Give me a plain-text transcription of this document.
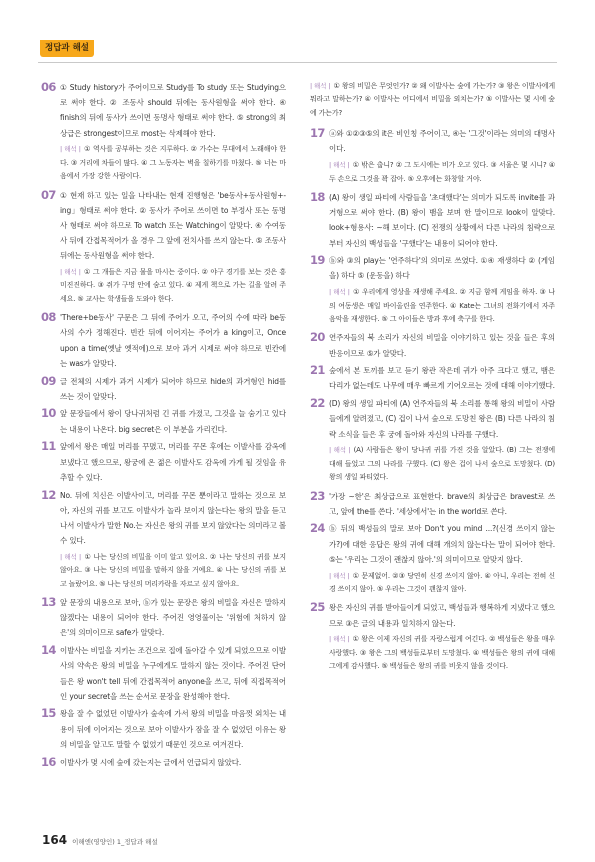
정답과 해설
06 ① Study history가 주어이므로 Study를 To study 또는 Studying으로 써야 한다. ② 조동사 should 뒤에는 동사원형을 써야 한다. ④ finish의 뒤에 동사가 쓰이면 동명사 형태로 써야 한다. ⑤ strong의 최상급은 strongest이므로 most는 삭제해야 한다.
| 해석 | ① 역사를 공부하는 것은 지루하다. ② 가수는 무대에서 노래해야 한다. ③ 거리에 차들이 많다. ④ 그 노동자는 벽을 칠하기를 마쳤다. ⑤ 너는 마음에서 가장 강한 사람이다.
07 ① 현재 하고 있는 일을 나타내는 현재 진행형은 'be동사+동사원형+-ing」형태로 써야 한다. ② 동사가 주어로 쓰이면 to 부정사 또는 동명사 형태로 써야 하므로 To watch 또는 Watching이 알맞다. ④ 수여동사 뒤에 간접목적어가 올 경우 그 앞에 전치사를 쓰지 않는다. ⑤ 조동사 뒤에는 동사원형을 써야 한다.
| 해석 | ① 그 개들은 지금 물을 마시는 중이다. ② 야구 경기를 보는 것은 흥미진진하다. ③ 쥐가 구멍 안에 숨고 있다. ④ 제게 책으로 가는 길을 알려 주세요. ⑤ 교사는 학생들을 도와야 한다.
08 'There+be동사' 구문은 그 뒤에 주어가 오고, 주어의 수에 따라 be동사의 수가 정해진다. 빈칸 뒤에 이어지는 주어가 a king이고, Once upon a time(옛날 옛적에)으로 보아 과거 시제로 써야 하므로 빈칸에는 was가 알맞다.
09 글 전체의 시제가 과거 시제가 되어야 하므로 hide의 과거형인 hid를 쓰는 것이 알맞다.
10 앞 문장들에서 왕이 당나귀처럼 긴 귀를 가졌고, 그것을 늘 숨기고 있다는 내용이 나온다. big secret은 이 부분을 가리킨다.
11 앞에서 왕은 매일 머리를 꾸몄고, 머리를 꾸몬 후에는 이발사를 감옥에 보냈다고 했으므로, 왕궁에 온 젊은 이발사도 감옥에 가게 될 것임을 유추할 수 있다.
12 No. 뒤에 치신은 이발사이고, 머리를 꾸몬 뿐이라고 말하는 것으로 보아, 자신의 귀를 보고도 이발사가 놀라 보이지 않는다는 왕의 말을 듣고 나서 이발사가 말한 No.는 자신은 왕의 귀를 보지 않았다는 의미라고 볼 수 있다.
| 해석 | ① 나는 당신의 비밀을 이미 알고 있어요. ② 나는 당신의 귀를 보지 않아요. ③ 나는 당신의 비밀을 말하지 않을 거예요. ④ 나는 당신의 귀를 보고 놀랐어요. ⑤ 나는 당신의 머리카락을 자르고 싶지 않아요.
13 앞 문장의 내용으로 보아, ⓑ가 있는 문장은 왕의 비밀을 자신은 말하지 않겠다는 내용이 되어야 한다. 주어진 영영풀이는 '위험에 처하지 않은'의 의미이므로 safe가 알맞다.
14 이발사는 비밀을 지키는 조건으로 집에 돌아갈 수 있게 되었으므로 이발사의 약속은 왕의 비밀을 누구에게도 말하지 않는 것이다. 주어진 단어들은 왕 won't tell 뒤에 간접목적어 anyone을 쓰고, 뒤에 직접목적어인 your secret을 쓰는 순서로 문장을 완성해야 한다.
15 왕을 잘 수 없었던 이발사가 숲속에 가서 왕의 비밀을 마음껏 외치는 내용이 뒤에 이어지는 것으로 보아 이발사가 잠을 잘 수 없었던 이유는 왕의 비밀을 알고도 말할 수 없었기 때문인 것으로 여겨진다.
16 이발사가 몇 시에 숲에 갔는지는 글에서 언급되지 않았다.
| 해석 | ① 왕의 비밀은 무엇인가? ② 왜 이발사는 숲에 가는가? ③ 왕은 이발사에게 뭐라고 말하는가? ④ 이발사는 어디에서 비밀을 외치는가? ⑤ 이발사는 몇 시에 숲에 가는가?
17 ⓐ와 ①②③⑤의 it은 비인칭 주어이고, ④는 '그것'이라는 의미의 대명사이다.
| 해석 | ① 밖은 춥니? ② 그 도시에는 비가 오고 있다. ③ 서울은 몇 시니? ④ 두 손으로 그것을 꽉 잡아. ⑤ 오후에는 화창할 거야.
18 (A) 왕이 생일 파티에 사람들을 '초대했다'는 의미가 되도록 invite를 과거형으로 써야 한다. (B) 왕이 뱀을 보며 한 말이므로 look이 알맞다. look+형용사: ~해 보이다. (C) 전쟁의 상황에서 다른 나라의 침략으로부터 자신의 백성들을 '구했다'는 내용이 되어야 한다.
19 ⓑ와 ③의 play는 '연주하다'의 의미로 쓰였다. ①④ 재생하다 ② (게임을) 하다 ⑤ (운동을) 하다
| 해석 | ① 우리에게 영상을 재생해 주세요. ② 지금 함께 게임을 하자. ③ 나의 여동생은 매일 바이올린을 연주한다. ④ Kate는 그녀의 전화기에서 자주 음악을 재생한다. ⑤ 그 아이들은 방과 후에 축구를 한다.
20 연주자들의 북 소리가 자신의 비밀을 이야기하고 있는 것을 들은 후의 반응이므로 ⑤가 알맞다.
21 숲에서 본 토끼를 보고 듣기 왕관 작은데 귀가 아주 크다고 했고, 뱀은 다리가 없는데도 나무에 매우 빠르게 기어오르는 것에 대해 이야기했다.
22 (D) 왕의 생일 파티에 (A) 연주자들의 북 소리를 통해 왕의 비밀이 사람들에게 알려졌고, (C) 겁이 나서 숲으로 도망친 왕은 (B) 다른 나라의 침략 소식을 들은 후 궁에 돌아와 자신의 나라를 구했다.
| 해석 | (A) 사람들은 왕이 당나귀 귀를 가진 것을 알았다. (B) 그는 전쟁에 대해 들었고 그의 나라를 구했다. (C) 왕은 겁이 나서 숲으로 도망쳤다. (D) 왕의 생일 파티였다.
23 '가장 ~한'은 최상급으로 표현한다. brave의 최상급은 bravest로 쓰고, 앞에 the를 쓴다. '세상에서'는 in the world로 쓴다.
24 ⓑ 뒤의 백성들의 말로 보아 Don't you mind ...?(신경 쓰이지 않는가?)에 대한 응답은 왕의 귀에 대해 개의치 않는다는 말이 되어야 한다. ⑤는 '우리는 그것이 괜찮지 않아.'의 의미이므로 알맞지 않다.
| 해석 | ① 문제없어. ②③ 당연히 신경 쓰이지 않아. ④ 아니, 우리는 전혀 신경 쓰이지 않아. ⑤ 우리는 그것이 괜찮지 않아.
25 왕은 자신의 귀를 받아들이게 되었고, 백성들과 행복하게 지냈다고 했으므로 ③은 글의 내용과 일치하지 않는다.
| 해석 | ① 왕은 이제 자신의 귀를 자랑스럽게 여긴다. ② 백성들은 왕을 매우 사랑했다. ③ 왕은 그의 백성들로부터 도망쳤다. ④ 백성들은 왕의 귀에 대해 그에게 감사했다. ⑤ 백성들은 왕의 귀를 비웃지 않을 것이다.
164 이해엔(영양인) 1_정답과 해설
